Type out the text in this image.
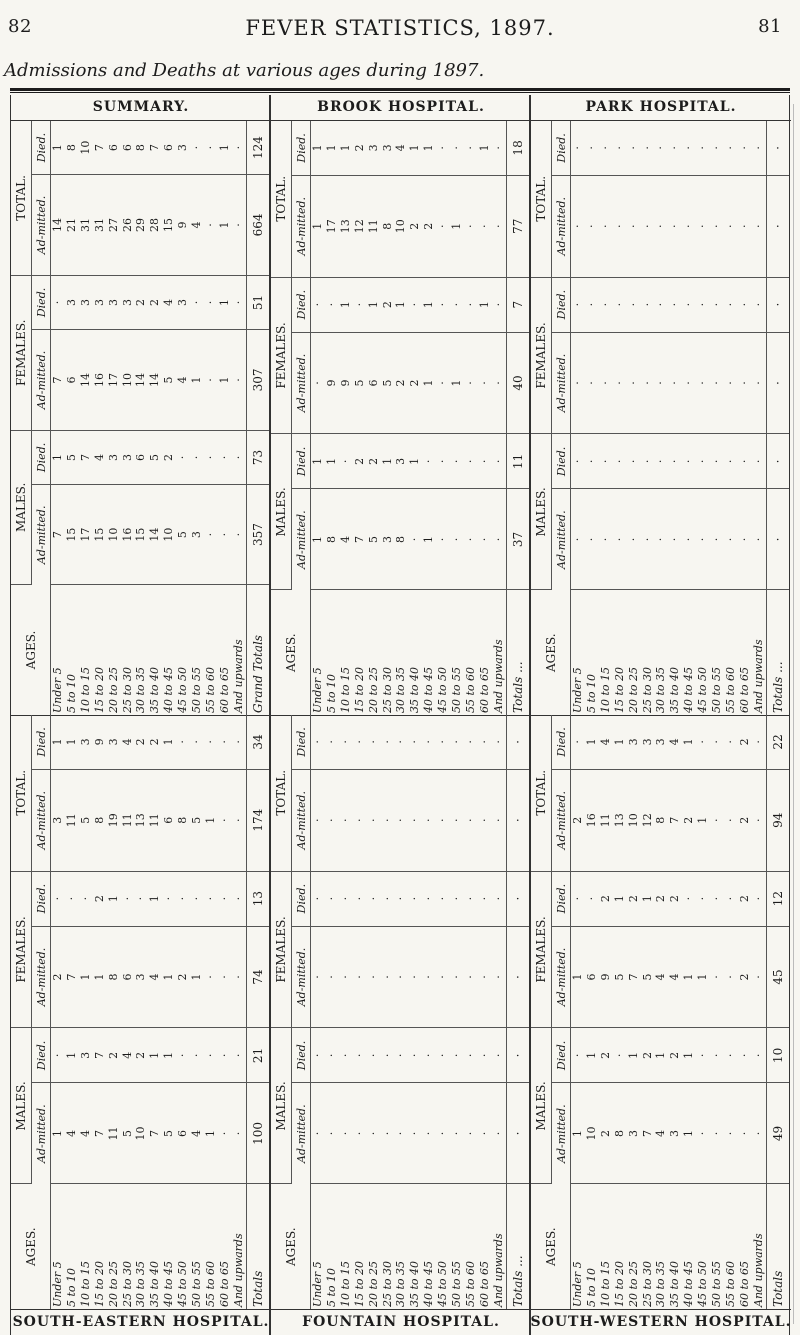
82	FEVER STATISTICS, 1897.	81
Admissions and Deaths at various ages during 1897.
SOUTH-EASTERN HOSPITAL.
AGES.	MALES.		FEMALES.		TOTAL.	
	Ad-mitted.	Died.	Ad-mitted.	Died.	Ad-mitted.	Died.
Under 5	1	·	2	·	3	1
5 to 10	4	1	7	·	11	1
10 to 15	4	3	1	·	5	3
15 to 20	7	7	1	2	8	9
20 to 25	11	2	8	1	19	3
25 to 30	5	4	6	·	11	4
30 to 35	10	2	3	·	13	2
35 to 40	7	1	4	1	11	2
40 to 45	5	1	1	·	6	1
45 to 50	6	·	2	·	8	·
50 to 55	4	·	1	·	5	·
55 to 60	1	·	·	·	1	·
60 to 65	·	·	·	·	·	·
And upwards	·	·	·	·	·	·
Totals	100	21	74	13	174	34
SUMMARY.
AGES.	MALES.		FEMALES.		TOTAL.	
	Ad-mitted.	Died.	Ad-mitted.	Died.	Ad-mitted.	Died.
Under 5	7	1	7	·	14	1
5 to 10	15	5	6	3	21	8
10 to 15	17	7	14	3	31	10
15 to 20	15	4	16	3	31	7
20 to 25	10	3	17	3	27	6
25 to 30	16	3	10	3	26	6
30 to 35	15	6	14	2	29	8
35 to 40	14	5	14	2	28	7
40 to 45	10	2	5	4	15	6
45 to 50	5	·	4	3	9	3
50 to 55	3	·	1	·	4	·
55 to 60	·	·	·	·	·	·
60 to 65	·	·	1	1	1	1
And upwards	·	·	·	·	·	·
Grand Totals	357	73	307	51	664	124
FOUNTAIN HOSPITAL.
AGES.	MALES.		FEMALES.		TOTAL.	
	Ad-mitted.	Died.	Ad-mitted.	Died.	Ad-mitted.	Died.
Under 5	·	·	·	·	·	·
5 to 10	·	·	·	·	·	·
10 to 15	·	·	·	·	·	·
15 to 20	·	·	·	·	·	·
20 to 25	·	·	·	·	·	·
25 to 30	·	·	·	·	·	·
30 to 35	·	·	·	·	·	·
35 to 40	·	·	·	·	·	·
40 to 45	·	·	·	·	·	·
45 to 50	·	·	·	·	·	·
50 to 55	·	·	·	·	·	·
55 to 60	·	·	·	·	·	·
60 to 65	·	·	·	·	·	·
And upwards	·	·	·	·	·	·
Totals ...	·	·	·	·	·	·
BROOK HOSPITAL.
AGES.	MALES.		FEMALES.		TOTAL.	
	Ad-mitted.	Died.	Ad-mitted.	Died.	Ad-mitted.	Died.
Under 5	1	1	·	·	1	1
5 to 10	8	1	9	·	17	1
10 to 15	4	·	9	1	13	1
15 to 20	7	2	5	·	12	2
20 to 25	5	2	6	1	11	3
25 to 30	3	1	5	2	8	3
30 to 35	8	3	2	1	10	4
35 to 40	·	1	2	·	2	1
40 to 45	1	·	1	1	2	1
45 to 50	·	·	·	·	·	·
50 to 55	·	·	1	·	1	·
55 to 60	·	·	·	·	·	·
60 to 65	·	·	·	1	·	1
And upwards	·	·	·	·	·	·
Totals ...	37	11	40	7	77	18
SOUTH-WESTERN HOSPITAL.
AGES.	MALES.		FEMALES.		TOTAL.	
	Ad-mitted.	Died.	Ad-mitted.	Died.	Ad-mitted.	Died.
Under 5	1	·	1	·	2	·
5 to 10	10	1	6	·	16	1
10 to 15	2	2	9	2	11	4
15 to 20	8	·	5	1	13	1
20 to 25	3	1	7	2	10	3
25 to 30	7	2	5	1	12	3
30 to 35	4	1	4	2	8	3
35 to 40	3	2	4	2	7	4
40 to 45	1	1	1	·	2	1
45 to 50	·	·	1	·	1	·
50 to 55	·	·	·	·	·	·
55 to 60	·	·	·	·	·	·
60 to 65	·	·	2	2	2	2
And upwards	·	·	·	·	·	·
Totals	49	10	45	12	94	22
PARK HOSPITAL.
AGES.	MALES.		FEMALES.		TOTAL.	
	Ad-mitted.	Died.	Ad-mitted.	Died.	Ad-mitted.	Died.
Under 5	·	·	·	·	·	·
5 to 10	·	·	·	·	·	·
10 to 15	·	·	·	·	·	·
15 to 20	·	·	·	·	·	·
20 to 25	·	·	·	·	·	·
25 to 30	·	·	·	·	·	·
30 to 35	·	·	·	·	·	·
35 to 40	·	·	·	·	·	·
40 to 45	·	·	·	·	·	·
45 to 50	·	·	·	·	·	·
50 to 55	·	·	·	·	·	·
55 to 60	·	·	·	·	·	·
60 to 65	·	·	·	·	·	·
And upwards	·	·	·	·	·	·
Totals ...	·	·	·	·	·	·
